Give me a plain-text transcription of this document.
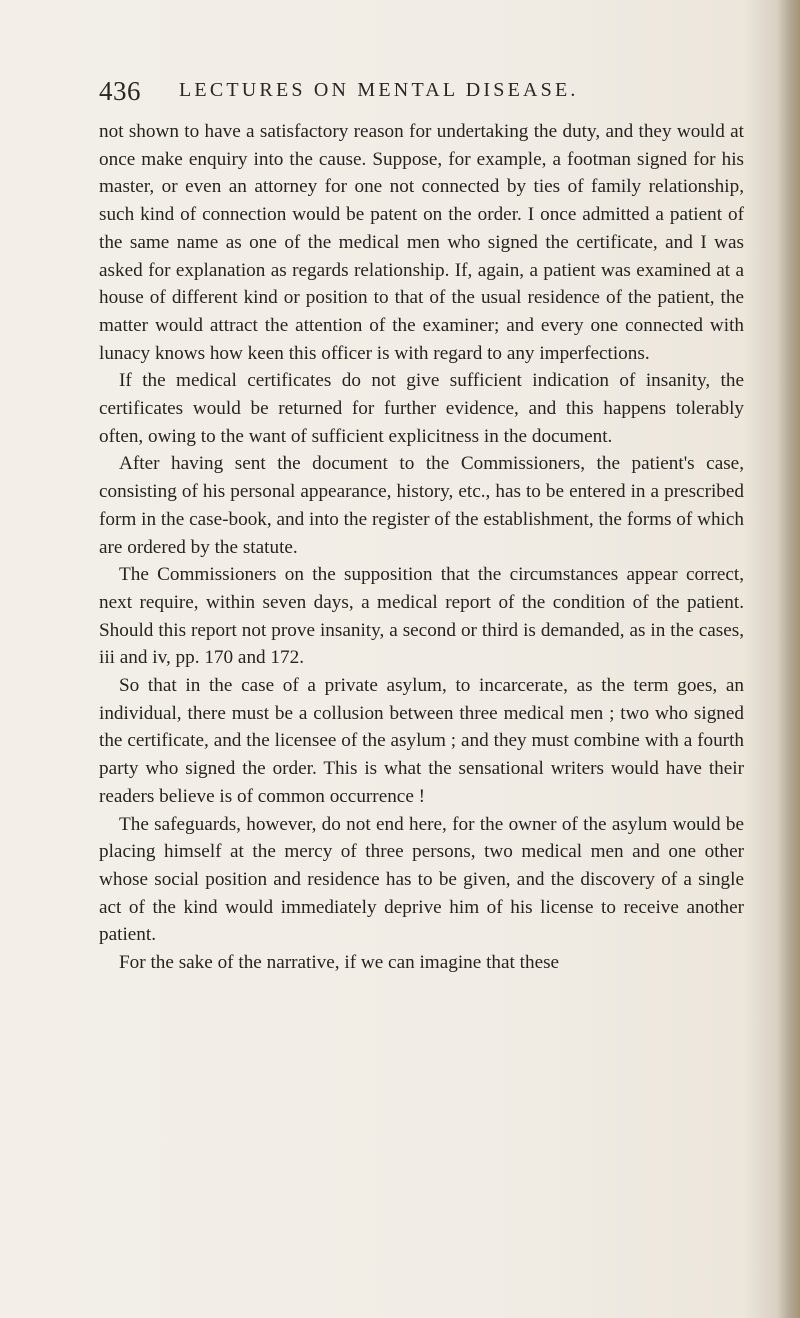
436 LECTURES ON MENTAL DISEASE.

not shown to have a satisfactory reason for undertaking the duty, and they would at once make enquiry into the cause. Suppose, for example, a footman signed for his master, or even an attorney for one not connected by ties of family relationship, such kind of connection would be patent on the order. I once admitted a patient of the same name as one of the medical men who signed the certificate, and I was asked for explanation as regards relationship. If, again, a patient was examined at a house of different kind or position to that of the usual residence of the patient, the matter would attract the attention of the examiner; and every one connected with lunacy knows how keen this officer is with regard to any imperfections.

If the medical certificates do not give sufficient indication of insanity, the certificates would be returned for further evidence, and this happens tolerably often, owing to the want of sufficient explicitness in the document.

After having sent the document to the Commissioners, the patient's case, consisting of his personal appearance, history, etc., has to be entered in a prescribed form in the case-book, and into the register of the establishment, the forms of which are ordered by the statute.

The Commissioners on the supposition that the circumstances appear correct, next require, within seven days, a medical report of the condition of the patient. Should this report not prove insanity, a second or third is demanded, as in the cases, iii and iv, pp. 170 and 172.

So that in the case of a private asylum, to incarcerate, as the term goes, an individual, there must be a collusion between three medical men ; two who signed the certificate, and the licensee of the asylum ; and they must combine with a fourth party who signed the order. This is what the sensational writers would have their readers believe is of common occurrence !

The safeguards, however, do not end here, for the owner of the asylum would be placing himself at the mercy of three persons, two medical men and one other whose social position and residence has to be given, and the discovery of a single act of the kind would immediately deprive him of his license to receive another patient.

For the sake of the narrative, if we can imagine that these
